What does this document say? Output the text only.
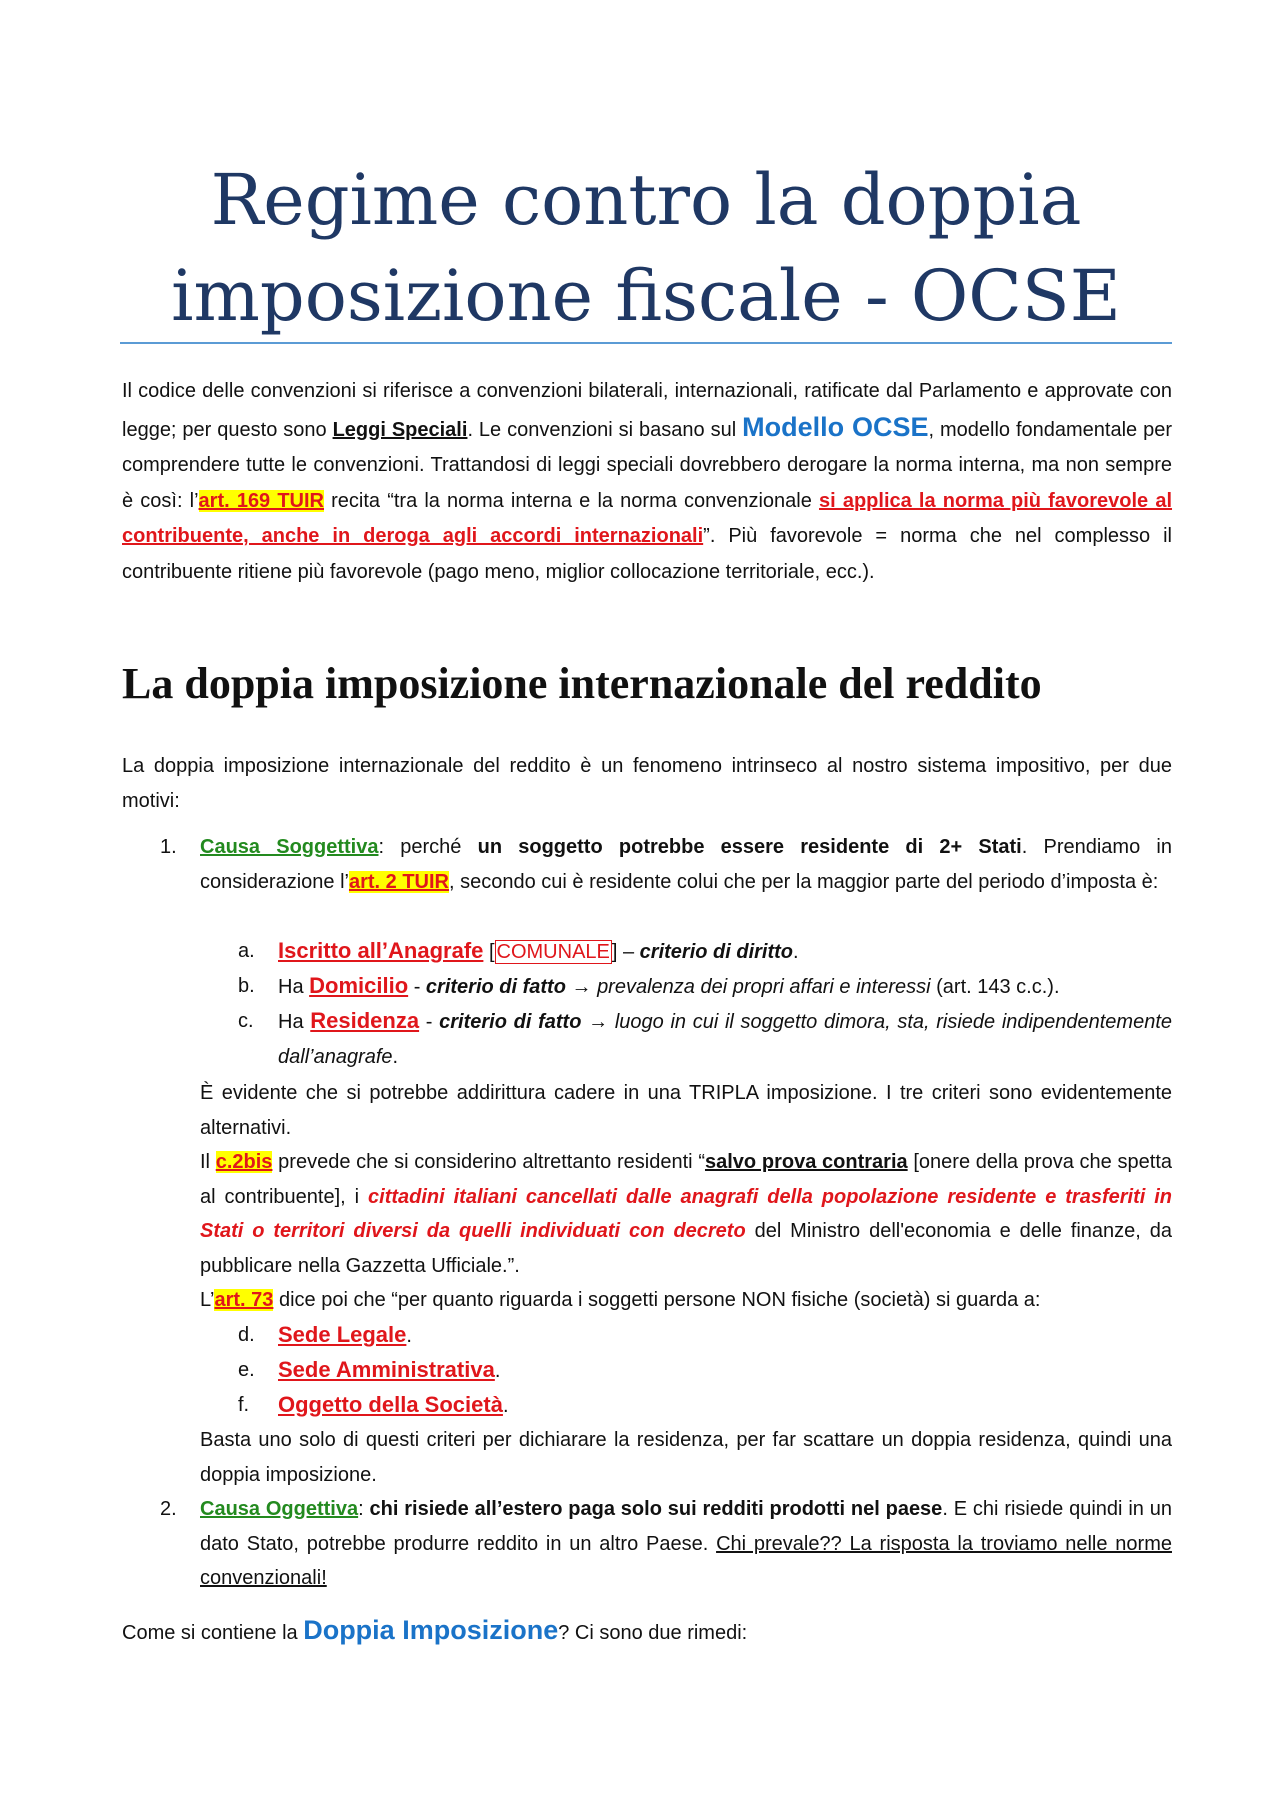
Regime contro la doppia
imposizione fiscale - OCSE
Il codice delle convenzioni si riferisce a convenzioni bilaterali, internazionali, ratificate dal Parlamento e approvate con legge; per questo sono Leggi Speciali. Le convenzioni si basano sul Modello OCSE, modello fondamentale per comprendere tutte le convenzioni. Trattandosi di leggi speciali dovrebbero derogare la norma interna, ma non sempre è così: l’art. 169 TUIR recita “tra la norma interna e la norma convenzionale si applica la norma più favorevole al contribuente, anche in deroga agli accordi internazionali”. Più favorevole = norma che nel complesso il contribuente ritiene più favorevole (pago meno, miglior collocazione territoriale, ecc.).
La doppia imposizione internazionale del reddito
La doppia imposizione internazionale del reddito è un fenomeno intrinseco al nostro sistema impositivo, per due motivi:
1. Causa Soggettiva: perché un soggetto potrebbe essere residente di 2+ Stati. Prendiamo in considerazione l’art. 2 TUIR, secondo cui è residente colui che per la maggior parte del periodo d’imposta è:
a. Iscritto all’Anagrafe [ COMUNALE ] – criterio di diritto.
b. Ha Domicilio - criterio di fatto → prevalenza dei propri affari e interessi (art. 143 c.c.).
c. Ha Residenza - criterio di fatto → luogo in cui il soggetto dimora, sta, risiede indipendentemente dall’anagrafe.
È evidente che si potrebbe addirittura cadere in una TRIPLA imposizione. I tre criteri sono evidentemente alternativi.
Il c.2bis prevede che si considerino altrettanto residenti “salvo prova contraria [onere della prova che spetta al contribuente], i cittadini italiani cancellati dalle anagrafi della popolazione residente e trasferiti in Stati o territori diversi da quelli individuati con decreto del Ministro dell'economia e delle finanze, da pubblicare nella Gazzetta Ufficiale.”.
L’art. 73 dice poi che “per quanto riguarda i soggetti persone NON fisiche (società) si guarda a:
d. Sede Legale.
e. Sede Amministrativa.
f. Oggetto della Società.
Basta uno solo di questi criteri per dichiarare la residenza, per far scattare un doppia residenza, quindi una doppia imposizione.
2. Causa Oggettiva: chi risiede all’estero paga solo sui redditi prodotti nel paese. E chi risiede quindi in un dato Stato, potrebbe produrre reddito in un altro Paese. Chi prevale?? La risposta la troviamo nelle norme convenzionali!
Come si contiene la Doppia Imposizione? Ci sono due rimedi:
